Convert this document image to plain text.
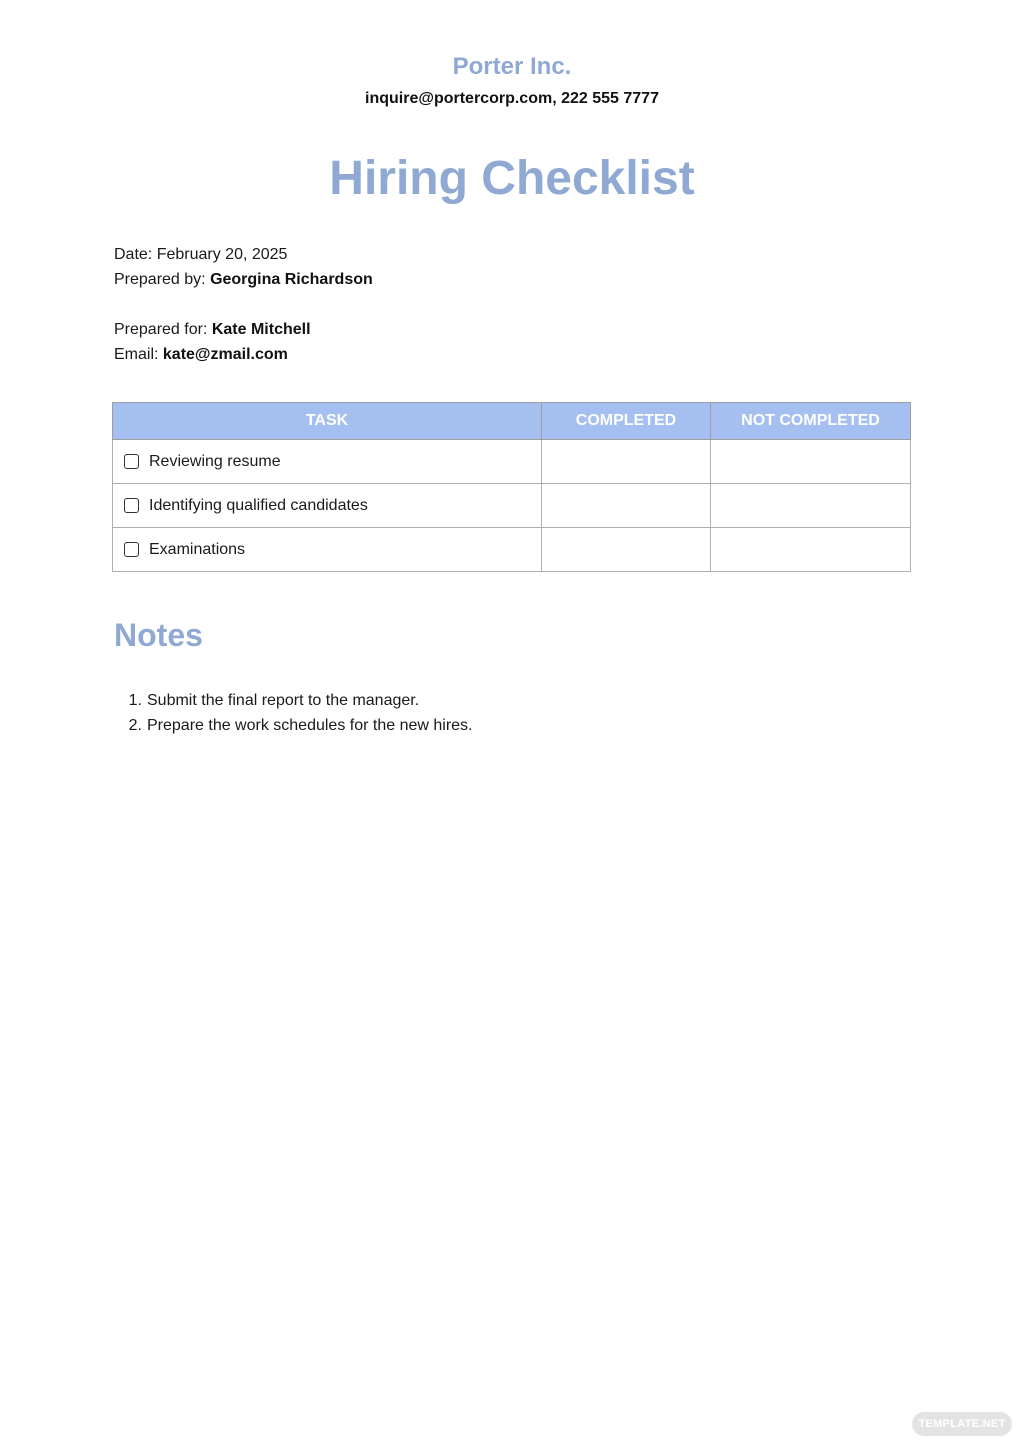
Porter Inc.
inquire@portercorp.com, 222 555 7777
Hiring Checklist
Date: February 20, 2025
Prepared by: Georgina Richardson
Prepared for: Kate Mitchell
Email: kate@zmail.com
TASK	COMPLETED	NOT COMPLETED

Reviewing resume		

Identifying qualified candidates		

Examinations		

Notes
1. Submit the final report to the manager.
2. Prepare the work schedules for the new hires.
TEMPLATE.NET
